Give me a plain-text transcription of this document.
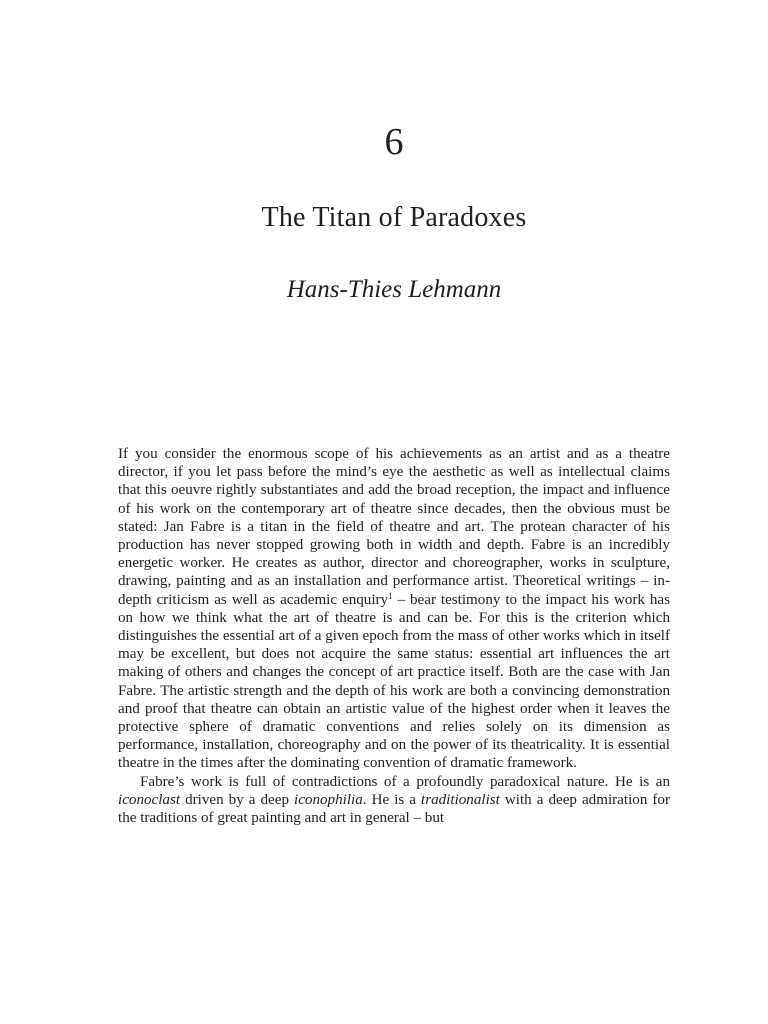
6
The Titan of Paradoxes
Hans-Thies Lehmann

If you consider the enormous scope of his achievements as an artist and as a theatre director, if you let pass before the mind’s eye the aesthetic as well as intellectual claims that this oeuvre rightly substantiates and add the broad reception, the impact and influence of his work on the contemporary art of theatre since decades, then the obvious must be stated: Jan Fabre is a titan in the field of theatre and art. The protean character of his production has never stopped growing both in width and depth. Fabre is an incredibly energetic worker. He creates as author, director and choreographer, works in sculpture, drawing, painting and as an installation and performance artist. Theoretical writings – in-depth criticism as well as academic enquiry$^1$ – bear testimony to the impact his work has on how we think what the art of theatre is and can be. For this is the criterion which distinguishes the essential art of a given epoch from the mass of other works which in itself may be excellent, but does not acquire the same status: essential art influences the art making of others and changes the concept of art practice itself. Both are the case with Jan Fabre. The artistic strength and the depth of his work are both a convincing demonstration and proof that theatre can obtain an artistic value of the highest order when it leaves the protective sphere of dramatic conventions and relies solely on its dimension as performance, installation, choreography and on the power of its theatricality. It is essential theatre in the times after the dominating convention of dramatic framework.

Fabre’s work is full of contradictions of a profoundly paradoxical nature. He is an iconoclast driven by a deep iconophilia. He is a traditionalist with a deep admiration for the traditions of great painting and art in general – but
